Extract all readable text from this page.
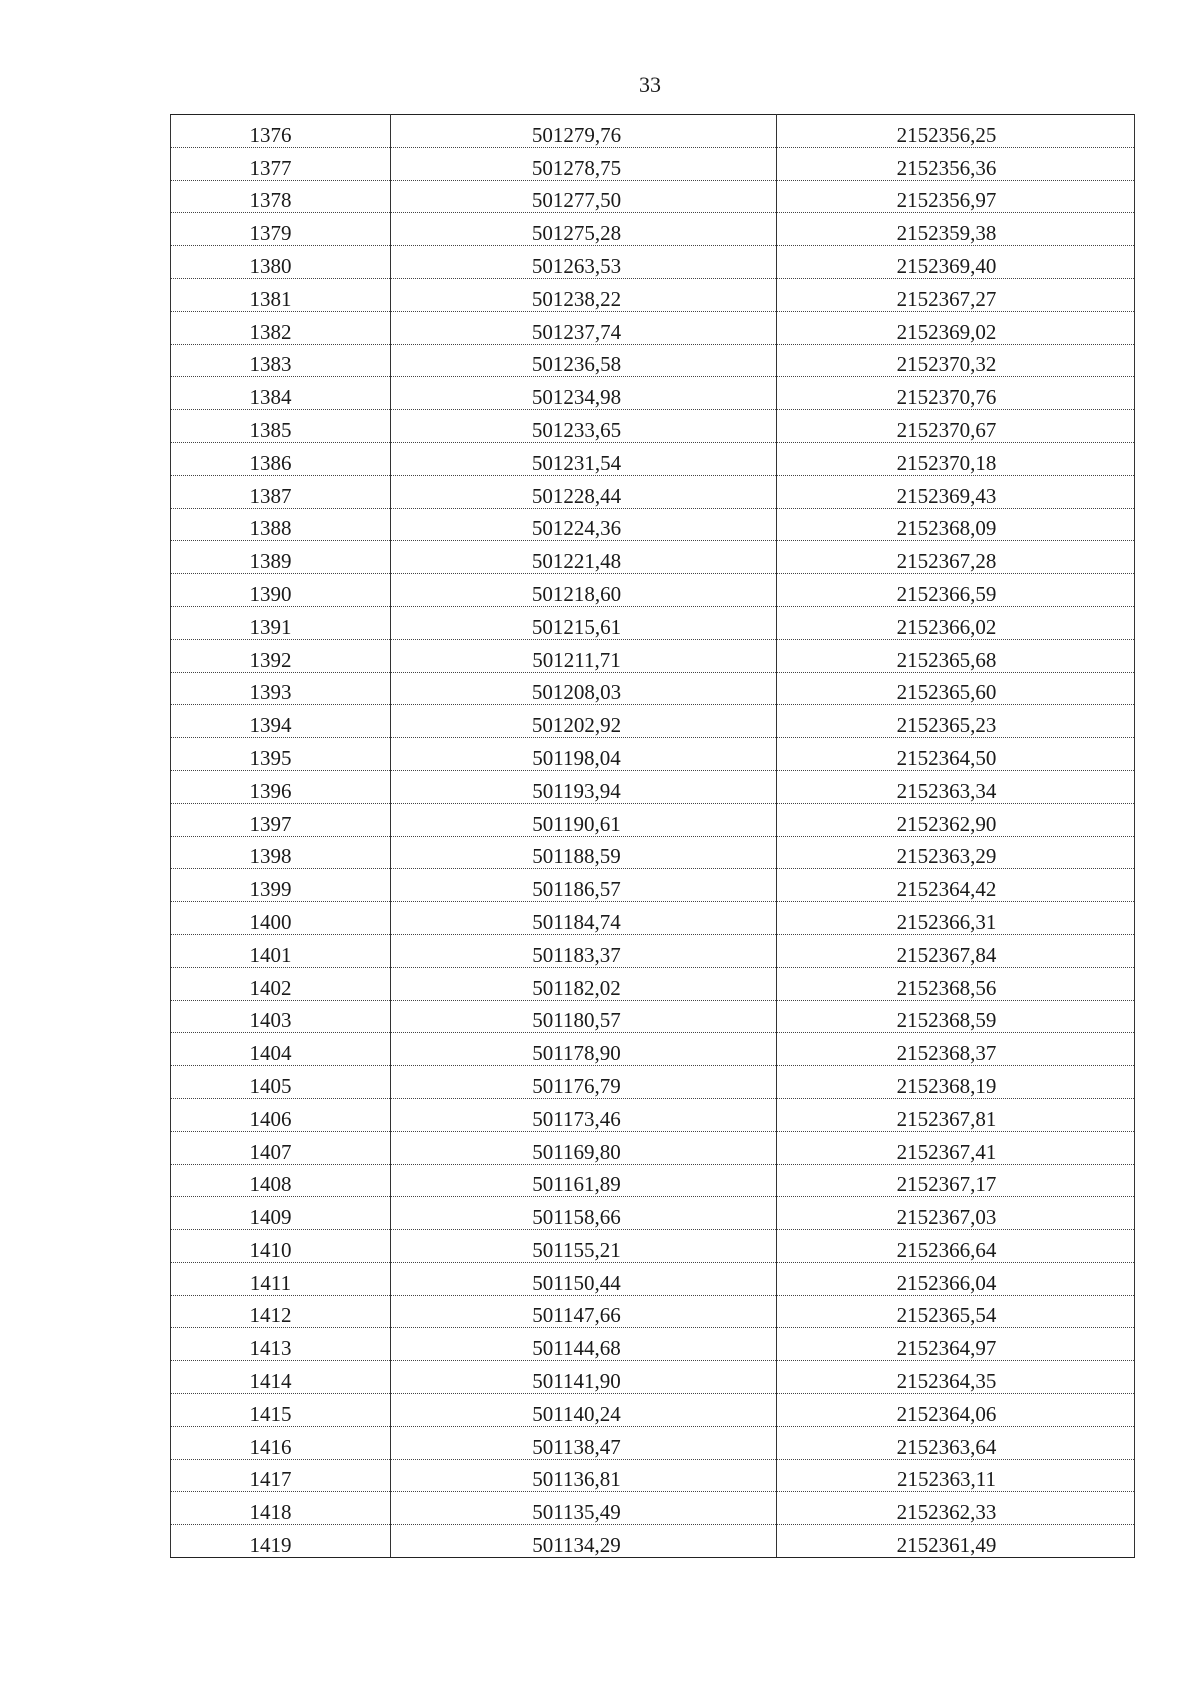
33
1376	501279,76	2152356,25
1377	501278,75	2152356,36
1378	501277,50	2152356,97
1379	501275,28	2152359,38
1380	501263,53	2152369,40
1381	501238,22	2152367,27
1382	501237,74	2152369,02
1383	501236,58	2152370,32
1384	501234,98	2152370,76
1385	501233,65	2152370,67
1386	501231,54	2152370,18
1387	501228,44	2152369,43
1388	501224,36	2152368,09
1389	501221,48	2152367,28
1390	501218,60	2152366,59
1391	501215,61	2152366,02
1392	501211,71	2152365,68
1393	501208,03	2152365,60
1394	501202,92	2152365,23
1395	501198,04	2152364,50
1396	501193,94	2152363,34
1397	501190,61	2152362,90
1398	501188,59	2152363,29
1399	501186,57	2152364,42
1400	501184,74	2152366,31
1401	501183,37	2152367,84
1402	501182,02	2152368,56
1403	501180,57	2152368,59
1404	501178,90	2152368,37
1405	501176,79	2152368,19
1406	501173,46	2152367,81
1407	501169,80	2152367,41
1408	501161,89	2152367,17
1409	501158,66	2152367,03
1410	501155,21	2152366,64
1411	501150,44	2152366,04
1412	501147,66	2152365,54
1413	501144,68	2152364,97
1414	501141,90	2152364,35
1415	501140,24	2152364,06
1416	501138,47	2152363,64
1417	501136,81	2152363,11
1418	501135,49	2152362,33
1419	501134,29	2152361,49
